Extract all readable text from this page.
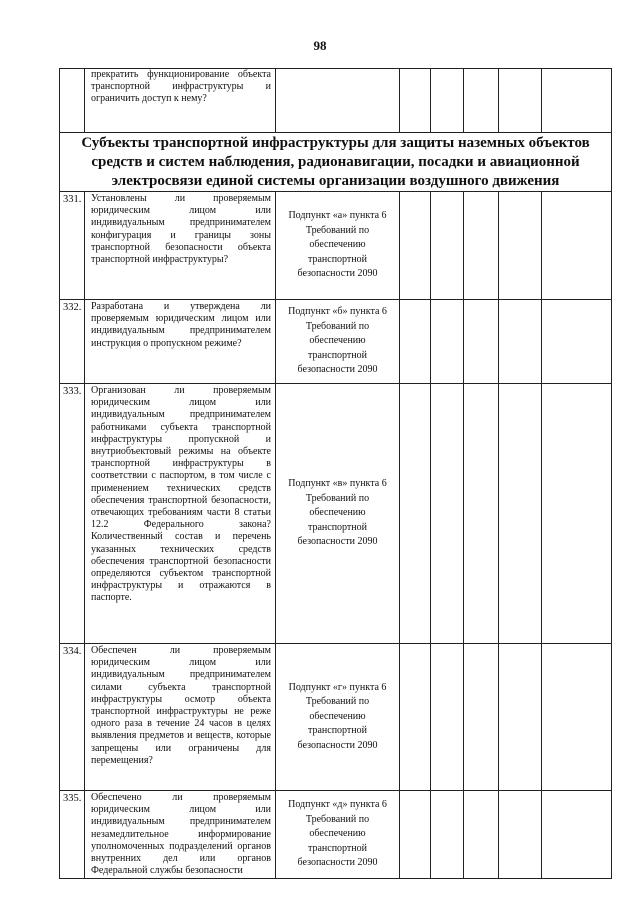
98
	прекратить функционирование объекта транспортной инфраструктуры и ограничить доступ к нему?						
Субъекты транспортной инфраструктуры для защиты наземных объектов средств и систем наблюдения, радионавигации, посадки и авиационной электросвязи единой системы организации воздушного движения							
331.	Установлены ли проверяемым юридическим лицом или индивидуальным предпринимателем конфигурация и границы зоны транспортной безопасности объекта транспортной инфраструктуры?	Подпункт «а» пункта 6 Требований по обеспечению транспортной безопасности 2090					

332.	Разработана и утверждена ли проверяемым юридическим лицом или индивидуальным предпринимателем инструкция о пропускном режиме?	Подпункт «б» пункта 6 Требований по обеспечению транспортной безопасности 2090					

333.	Организован ли проверяемым юридическим лицом или индивидуальным предпринимателем работниками субъекта транспортной инфраструктуры пропускной и внутриобъектовый режимы на объекте транспортной инфраструктуры в соответствии с паспортом, в том числе с применением технических средств обеспечения транспортной безопасности, отвечающих требованиям части 8 статьи 12.2 Федерального закона? Количественный состав и перечень указанных технических средств обеспечения транспортной безопасности определяются субъектом транспортной инфраструктуры и отражаются в паспорте.	Подпункт «в» пункта 6 Требований по обеспечению транспортной безопасности 2090					

334.	Обеспечен ли проверяемым юридическим лицом или индивидуальным предпринимателем силами субъекта транспортной инфраструктуры осмотр объекта транспортной инфраструктуры не реже одного раза в течение 24 часов в целях выявления предметов и веществ, которые запрещены или ограничены для перемещения?	Подпункт «г» пункта 6 Требований по обеспечению транспортной безопасности 2090					

335.	Обеспечено ли проверяемым юридическим лицом или индивидуальным предпринимателем незамедлительное информирование уполномоченных подразделений органов внутренних дел или органов Федеральной службы безопасности	Подпункт «д» пункта 6 Требований по обеспечению транспортной безопасности 2090					
